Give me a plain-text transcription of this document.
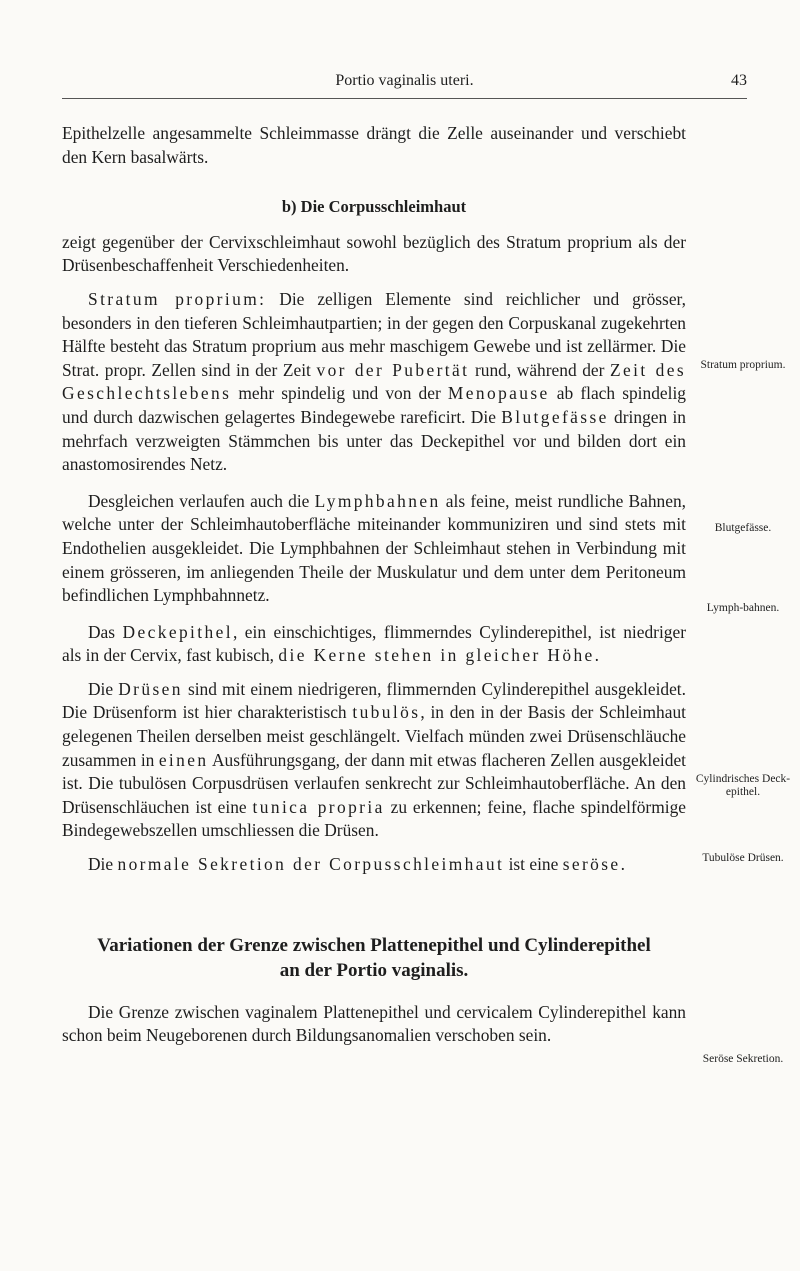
Portio vaginalis uteri.	43

Epithelzelle angesammelte Schleimmasse drängt die Zelle auseinander und verschiebt den Kern basalwärts.

b) Die Corpusschleimhaut

zeigt gegenüber der Cervixschleimhaut sowohl bezüglich des Stratum proprium als der Drüsenbeschaffenheit Verschiedenheiten.

Stratum proprium: Die zelligen Elemente sind reichlicher und grösser, besonders in den tieferen Schleimhautpartien; in der gegen den Corpuskanal zugekehrten Hälfte besteht das Stratum proprium aus mehr maschigem Gewebe und ist zellärmer. Die Strat. propr. Zellen sind in der Zeit vor der Pubertät rund, während der Zeit des Geschlechtslebens mehr spindelig und von der Menopause ab flach spindelig und durch dazwischen gelagertes Bindegewebe rareficirt. Die Blutgefässe dringen in mehrfach verzweigten Stämmchen bis unter das Deckepithel vor und bilden dort ein anastomosirendes Netz.

Desgleichen verlaufen auch die Lymphbahnen als feine, meist rundliche Bahnen, welche unter der Schleimhautoberfläche miteinander kommuniziren und sind stets mit Endothelien ausgekleidet. Die Lymphbahnen der Schleimhaut stehen in Verbindung mit einem grösseren, im anliegenden Theile der Muskulatur und dem unter dem Peritoneum befindlichen Lymphbahnnetz.

Das Deckepithel, ein einschichtiges, flimmerndes Cylinderepithel, ist niedriger als in der Cervix, fast kubisch, die Kerne stehen in gleicher Höhe.

Die Drüsen sind mit einem niedrigeren, flimmernden Cylinderepithel ausgekleidet. Die Drüsenform ist hier charakteristisch tubulös, in den in der Basis der Schleimhaut gelegenen Theilen derselben meist geschlängelt. Vielfach münden zwei Drüsenschläuche zusammen in einen Ausführungsgang, der dann mit etwas flacheren Zellen ausgekleidet ist. Die tubulösen Corpusdrüsen verlaufen senkrecht zur Schleimhautoberfläche. An den Drüsenschläuchen ist eine tunica propria zu erkennen; feine, flache spindelförmige Bindegewebszellen umschliessen die Drüsen.

Die normale Sekretion der Corpusschleimhaut ist eine seröse.

Variationen der Grenze zwischen Plattenepithel und Cylinderepithel
an der Portio vaginalis.

Die Grenze zwischen vaginalem Plattenepithel und cervicalem Cylinderepithel kann schon beim Neugeborenen durch Bildungsanomalien verschoben sein.

Stratum proprium.
Blutgefässe.
Lymph-bahnen.
Cylindrisches Deck-epithel.
Tubulöse Drüsen.
Seröse Sekretion.
